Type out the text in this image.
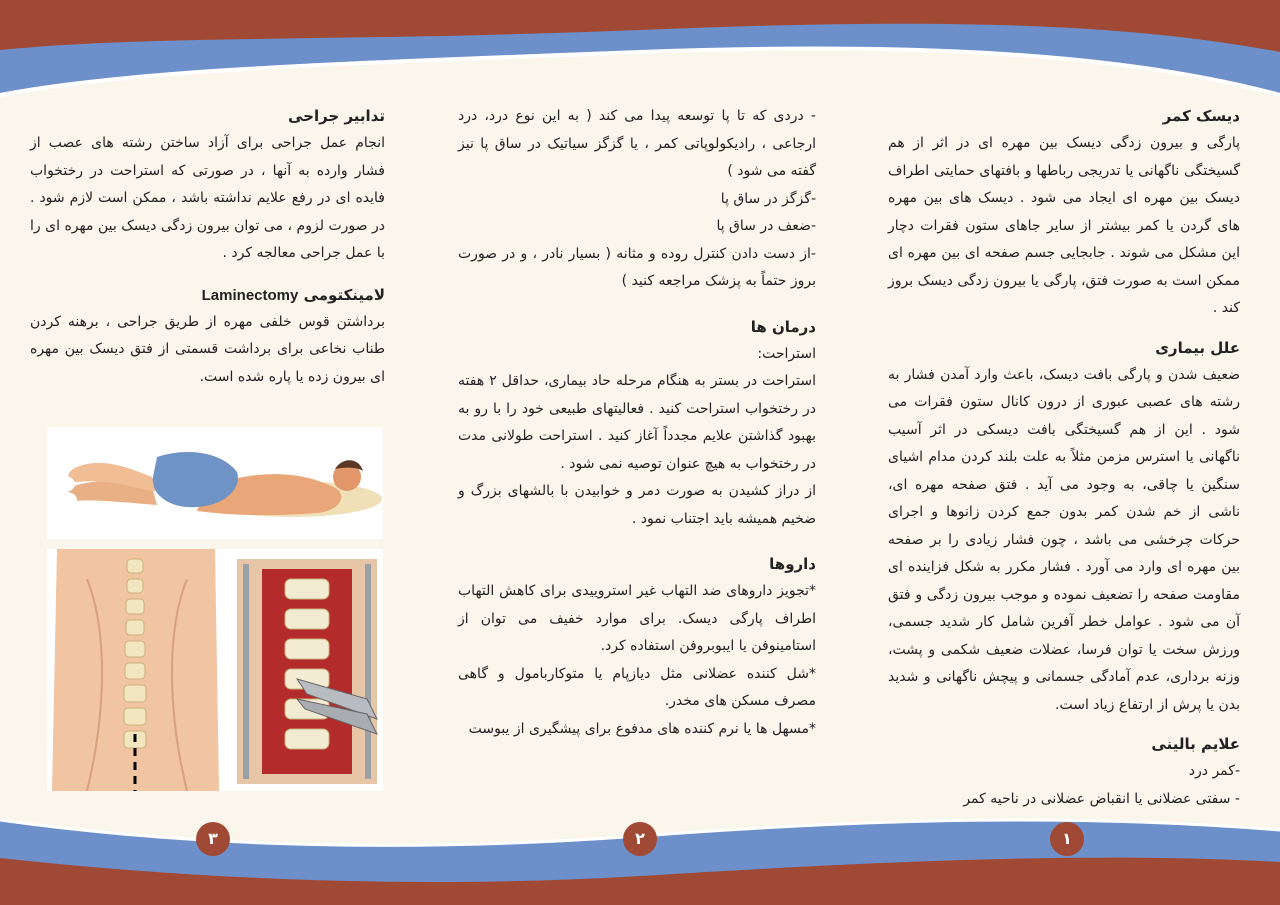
دیسک کمر

پارگی و بیرون زدگی دیسک بین مهره ای در اثر از هم گسیختگی ناگهانی یا تدریجی رباطها و بافتهای حمایتی اطراف دیسک بین مهره ای ایجاد می شود . دیسک های بین مهره های گردن یا کمر بیشتر از سایر جاهای ستون فقرات دچار این مشکل می شوند . جابجایی جسم صفحه ای بین مهره ای ممکن است به صورت فتق، پارگی یا بیرون زدگی دیسک بروز کند .

علل بیماری

ضعیف شدن و پارگی بافت دیسک، باعث وارد آمدن فشار به رشته های عصبی عبوری از درون کانال ستون فقرات می شود . این از هم گسیختگی بافت دیسکی در اثر آسیب ناگهانی یا استرس مزمن مثلاً به علت بلند کردن مدام اشیای سنگین یا چاقی، به وجود می آید . فتق صفحه مهره ای، ناشی از خم شدن کمر بدون جمع کردن زانوها و اجرای حرکات چرخشی می باشد ، چون فشار زیادی را بر صفحه بین مهره ای وارد می آورد . فشار مکرر به شکل فزاینده ای مقاومت صفحه را تضعیف نموده و موجب بیرون زدگی و فتق آن می شود . عوامل خطر آفرین شامل کار شدید جسمی، ورزش سخت یا توان فرسا، عضلات ضعیف شکمی و پشت، وزنه برداری، عدم آمادگی جسمانی و پیچش ناگهانی و شدید بدن یا پرش از ارتفاع زیاد است.

علایم بالینی

-کمر درد

- سفتی عضلانی یا انقباض عضلانی در ناحیه کمر

- دردی که تا پا توسعه پیدا می کند ( به این نوع درد، درد ارجاعی ، رادیکولوپاتی کمر ، یا گزگز سیاتیک در ساق پا نیز گفته می شود )

-گزگز در ساق پا

-ضعف در ساق پا

-از دست دادن کنترل روده و مثانه ( بسیار نادر ، و در صورت بروز حتماً به پزشک مراجعه کنید )

درمان ها

استراحت:

استراحت در بستر به هنگام مرحله حاد بیماری، حداقل ۲ هفته در رختخواب استراحت کنید . فعالیتهای طبیعی خود را با رو به بهبود گذاشتن علایم مجدداً آغاز کنید . استراحت طولانی مدت در رختخواب به هیچ عنوان توصیه نمی شود .

از دراز کشیدن به صورت دمر و خوابیدن با بالشهای بزرگ و ضخیم همیشه باید اجتناب نمود .

داروها

*تجویز داروهای ضد التهاب غیر استروییدی برای کاهش التهاب اطراف پارگی دیسک. برای موارد خفیف می توان از استامینوفن یا ایبوبروفن استفاده کرد.

*شل کننده عضلانی مثل دیازپام یا متوکاربامول و گاهی مصرف مسکن های مخدر.

*مسهل ها یا نرم کننده های مدفوع برای پیشگیری از یبوست

تدابیر جراحی

انجام عمل جراحی برای آزاد ساختن رشته های عصب از فشار وارده به آنها ، در صورتی که استراحت در رختخواب فایده ای در رفع علایم نداشته باشد ، ممکن است لازم شود . در صورت لزوم ، می توان بیرون زدگی دیسک بین مهره ای را با عمل جراحی معالجه کرد .

لامینکتومی Laminectomy

برداشتن قوس خلفی مهره از طریق جراحی ، برهنه کردن طناب نخاعی برای برداشت قسمتی از فتق دیسک بین مهره ای بیرون زده یا پاره شده است.

۱
۲
۳
